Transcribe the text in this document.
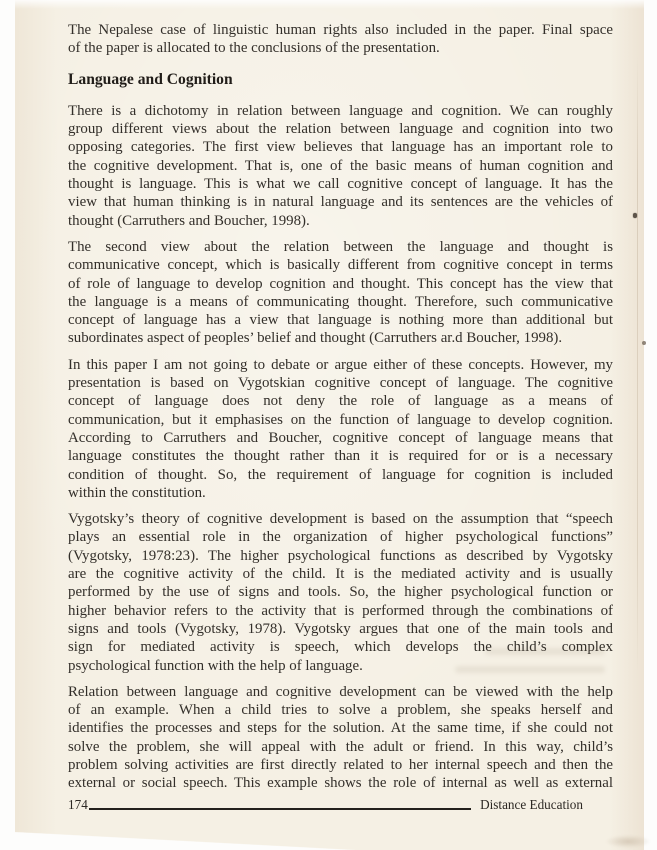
The Nepalese case of linguistic human rights also included in the paper. Final space
of the paper is allocated to the conclusions of the presentation.
Language and Cognition
There is a dichotomy in relation between language and cognition. We can roughly
group different views about the relation between language and cognition into two
opposing categories. The first view believes that language has an important role to
the cognitive development. That is, one of the basic means of human cognition and
thought is language. This is what we call cognitive concept of language. It has the
view that human thinking is in natural language and its sentences are the vehicles of
thought (Carruthers and Boucher, 1998).
The second view about the relation between the language and thought is
communicative concept, which is basically different from cognitive concept in terms
of role of language to develop cognition and thought. This concept has the view that
the language is a means of communicating thought. Therefore, such communicative
concept of language has a view that language is nothing more than additional but
subordinates aspect of peoples’ belief and thought (Carruthers ar.d Boucher, 1998).
In this paper I am not going to debate or argue either of these concepts. However, my
presentation is based on Vygotskian cognitive concept of language. The cognitive
concept of language does not deny the role of language as a means of
communication, but it emphasises on the function of language to develop cognition.
According to Carruthers and Boucher, cognitive concept of language means that
language constitutes the thought rather than it is required for or is a necessary
condition of thought. So, the requirement of language for cognition is included
within the constitution.
Vygotsky’s theory of cognitive development is based on the assumption that “speech
plays an essential role in the organization of higher psychological functions”
(Vygotsky, 1978:23). The higher psychological functions as described by Vygotsky
are the cognitive activity of the child. It is the mediated activity and is usually
performed by the use of signs and tools. So, the higher psychological function or
higher behavior refers to the activity that is performed through the combinations of
signs and tools (Vygotsky, 1978). Vygotsky argues that one of the main tools and
sign for mediated activity is speech, which develops the child’s complex
psychological function with the help of language.
Relation between language and cognitive development can be viewed with the help
of an example. When a child tries to solve a problem, she speaks herself and
identifies the processes and steps for the solution. At the same time, if she could not
solve the problem, she will appeal with the adult or friend. In this way, child’s
problem solving activities are first directly related to her internal speech and then the
external or social speech. This example shows the role of internal as well as external
174	Distance Education
